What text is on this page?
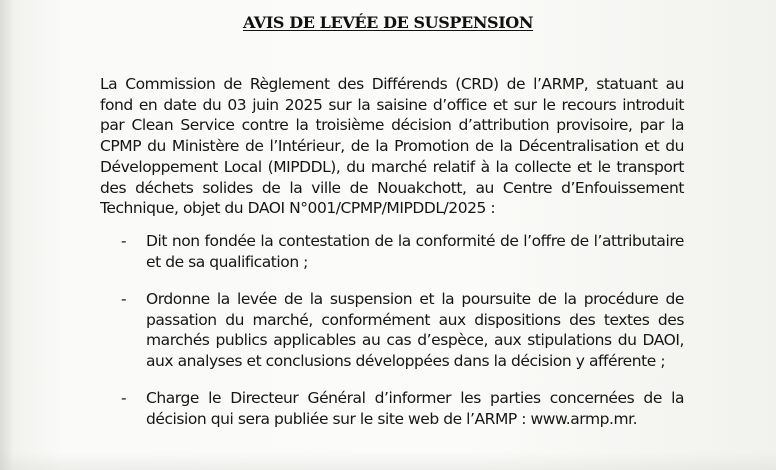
AVIS DE LEVÉE DE SUSPENSION
La Commission de Règlement des Différends (CRD) de l’ARMP, statuant au fond en date du 03 juin 2025 sur la saisine d’office et sur le recours introduit par Clean Service contre la troisième décision d’attribution provisoire, par la CPMP du Ministère de l’Intérieur, de la Promotion de la Décentralisation et du Développement Local (MIPDDL), du marché relatif à la collecte et le transport des déchets solides de la ville de Nouakchott, au Centre d’Enfouissement Technique, objet du DAOI N°001/CPMP/MIPDDL/2025 :
- Dit non fondée la contestation de la conformité de l’offre de l’attributaire et de sa qualification ;
- Ordonne la levée de la suspension et la poursuite de la procédure de passation du marché, conformément aux dispositions des textes des marchés publics applicables au cas d’espèce, aux stipulations du DAOI, aux analyses et conclusions développées dans la décision y afférente ;
- Charge le Directeur Général d’informer les parties concernées de la décision qui sera publiée sur le site web de l’ARMP : www.armp.mr.
